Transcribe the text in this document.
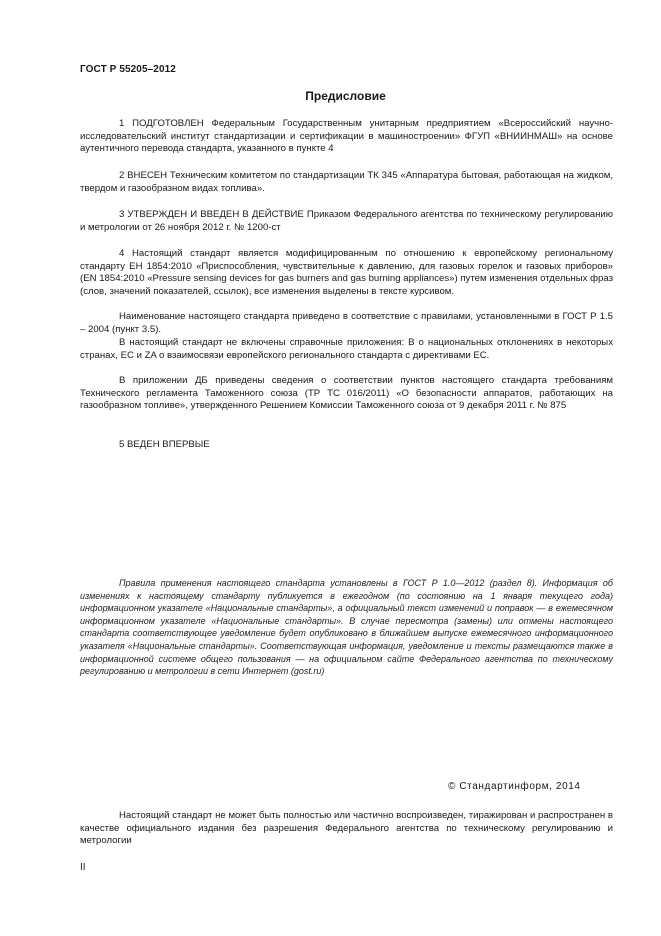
ГОСТ Р 55205–2012
Предисловие
1 ПОДГОТОВЛЕН Федеральным Государственным унитарным предприятием «Всероссийский научно-исследовательский институт стандартизации и сертификации в машиностроении» ФГУП «ВНИИНМАШ» на основе аутентичного перевода стандарта, указанного в пункте 4
2 ВНЕСЕН Техническим комитетом по стандартизации ТК 345 «Аппаратура бытовая, работающая на жидком, твердом и газообразном видах топлива».
3 УТВЕРЖДЕН И ВВЕДЕН В ДЕЙСТВИЕ Приказом Федерального агентства по техническому регулированию и метрологии от 26 ноября 2012 г. № 1200-ст
4 Настоящий стандарт является модифицированным по отношению к европейскому региональному стандарту ЕН 1854:2010 «Приспособления, чувствительные к давлению, для газовых горелок и газовых приборов» (EN 1854:2010 «Pressure sensing devices for gas burners and gas burning appliances») путем изменения отдельных фраз (слов, значений показателей, ссылок), все изменения выделены в тексте курсивом.
Наименование настоящего стандарта приведено в соответствие с правилами, установленными в ГОСТ Р 1.5 – 2004 (пункт 3.5).
В настоящий стандарт не включены справочные приложения: В о национальных отклонениях в некоторых странах, ЕС и ZA о взаимосвязи европейского регионального стандарта с директивами ЕС.
В приложении ДБ приведены сведения о соответствии пунктов настоящего стандарта требованиям Технического регламента Таможенного союза (ТР ТС 016/2011) «О безопасности аппаратов, работающих на газообразном топливе», утвержденного Решением Комиссии Таможенного союза от 9 декабря 2011 г. № 875
5 ВЕДЕН ВПЕРВЫЕ
Правила применения настоящего стандарта установлены в ГОСТ Р 1.0—2012 (раздел 8). Информация об изменениях к настоящему стандарту публикуется в ежегодном (по состоянию на 1 января текущего года) информационном указателе «Национальные стандарты», а официальный текст изменений и поправок — в ежемесячном информационном указателе «Национальные стандарты». В случае пересмотра (замены) или отмены настоящего стандарта соответствующее уведомление будет опубликовано в ближайшем выпуске ежемесячного информационного указателя «Национальные стандарты». Соответствующая информация, уведомление и тексты размещаются также в информационной системе общего пользования — на официальном сайте Федерального агентства по техническому регулированию и метрологии в сети Интернет (gost.ru)
© Стандартинформ, 2014
Настоящий стандарт не может быть полностью или частично воспроизведен, тиражирован и распространен в качестве официального издания без разрешения Федерального агентства по техническому регулированию и метрологии
II
